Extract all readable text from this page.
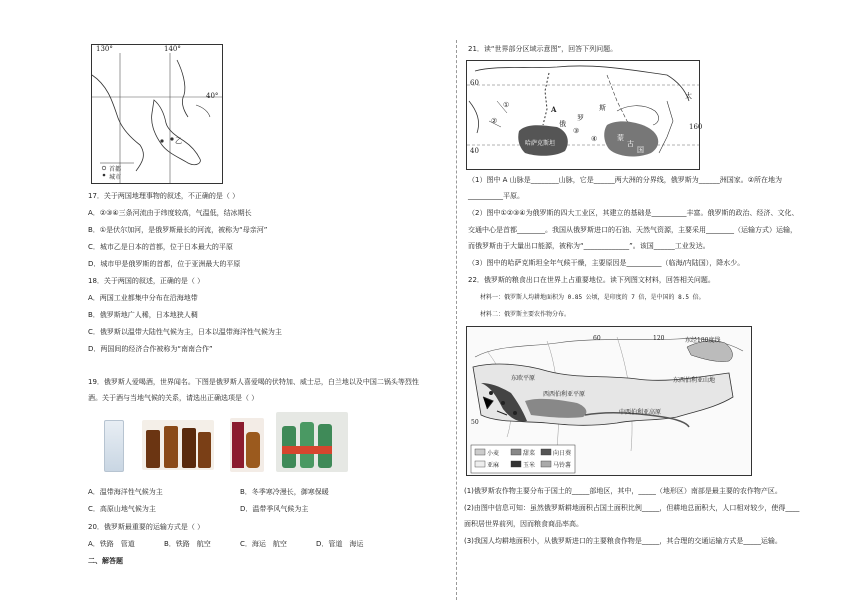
130°	140°
40°
乙
首都
城市
17．关于两国地理事物的叙述，不正确的是（ ）
A．②③④三条河流由于纬度较高，气温低，结冰期长
B．①是伏尔加河，是俄罗斯最长的河流，被称为“母亲河”
C．城市乙是日本的首都，位于日本最大的平原
D．城市甲是俄罗斯的首都，位于亚洲最大的平原
18．关于两国的叙述，正确的是（ ）
A．两国工业都集中分布在沿海地带
B．俄罗斯地广人稀，日本地狭人稠
C．俄罗斯以温带大陆性气候为主，日本以温带海洋性气候为主
D．两国间的经济合作被称为“南南合作”
19．俄罗斯人爱喝酒，世界闻名。下图是俄罗斯人喜爱喝的伏特加、威士忌，白兰地以及中国二锅头等烈性
酒。关于酒与当地气候的关系，请选出正确选项是（ ）
A．温带海洋性气候为主	B．冬季寒冷漫长，御寒保暖
C．高原山地气候为主	D．温带季风气候为主
20．俄罗斯最重要的运输方式是（ ）
A．铁路　管道	B．铁路　航空	C．海运　航空	D．管道　海运
二、解答题
21．读“世界部分区域示意图”，回答下列问题。
60
40
160
太
A
俄
罗
斯
哈萨克斯坦
蒙
古
国
①
②
③
④
（1）图中 A 山脉是________山脉，它是______两大洲的分界线，俄罗斯为______洲国家。②所在地为
__________平原。
（2）图中①②③④为俄罗斯的四大工业区，其建立的基础是__________丰富。俄罗斯的政治、经济、文化、
交通中心是首都________。我国从俄罗斯进口的石油、天然气资源，主要采用________（运输方式）运输，
而俄罗斯由于大量出口能源，被称为“_____________”。该国______工业发达。
（3）图中的哈萨克斯坦全年气候干燥，主要原因是__________（临海/内陆国），降水少。
22．俄罗斯的粮食出口在世界上占重要地位。读下列图文材料，回答相关问题。
材料一：俄罗斯人均耕地面积为 0.85 公顷，是印度的 7 倍，是中国的 8.5 倍。
材料二：俄罗斯主要农作物分布。
东欧平原
西西伯利亚平原
中西伯利亚高原
东西伯利亚山地
东经180度线
60	120
50
小麦	甜菜	向日葵
亚麻	玉米	马铃薯
(1)俄罗斯农作物主要分布于国土的_____部地区，其中，_____（地形区）南部是最主要的农作物产区。
(2)由图中信息可知：虽然俄罗斯耕地面积占国土面积比例_____，但耕地总面积大，人口相对较少，使得____
面积居世界前列，因而粮食商品率高。
(3)我国人均耕地面积小，从俄罗斯进口的主要粮食作物是_____，其合理的交通运输方式是_____运输。
